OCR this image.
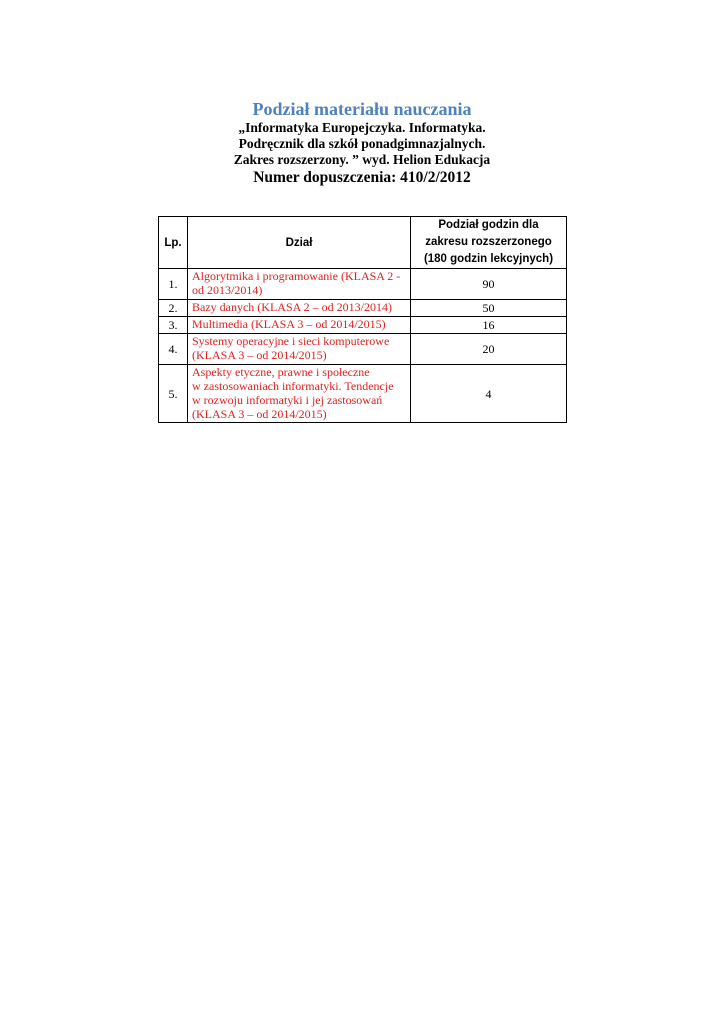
Podział materiału nauczania
„Informatyka Europejczyka. Informatyka.
Podręcznik dla szkół ponadgimnazjalnych.
Zakres rozszerzony. ” wyd. Helion Edukacja
Numer dopuszczenia: 410/2/2012
Lp.	Dział	Podział godzin dla
zakresu rozszerzonego
(180 godzin lekcyjnych)

1.	Algorytmika i programowanie (KLASA 2 -
od 2013/2014)	90
2.	Bazy danych (KLASA 2 – od 2013/2014)	50
3.	Multimedia (KLASA 3 – od 2014/2015)	16
4.	Systemy operacyjne i sieci komputerowe
(KLASA 3 – od 2014/2015)	20
5.	Aspekty etyczne, prawne i społeczne
w zastosowaniach informatyki. Tendencje
w rozwoju informatyki i jej zastosowań
(KLASA 3 – od 2014/2015)	4
